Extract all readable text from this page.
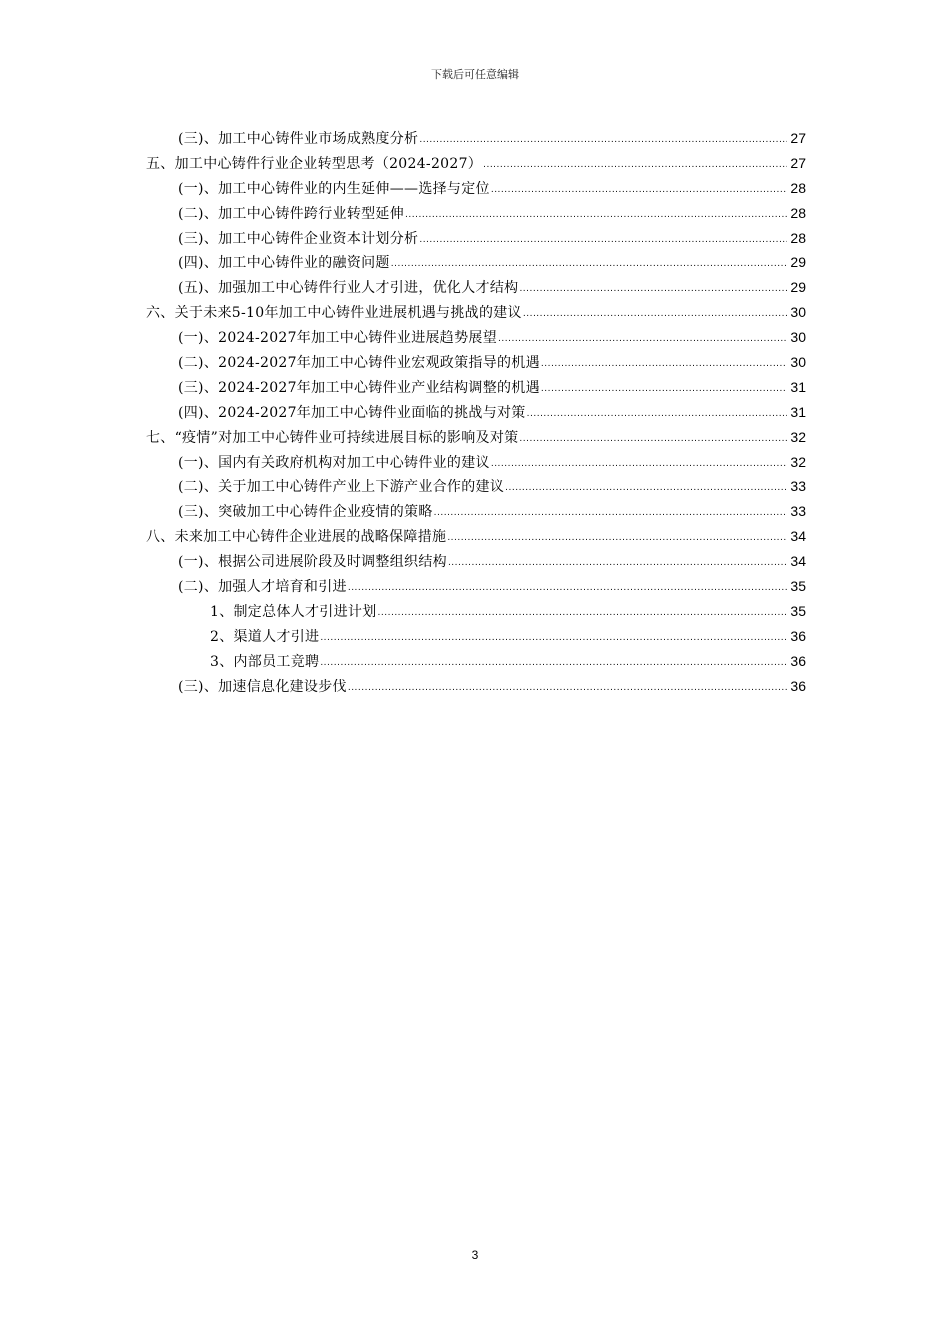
下载后可任意编辑
(三)、加工中心铸件业市场成熟度分析 .....	27
五、加工中心铸件行业企业转型思考（2024-2027） .....	27
(一)、加工中心铸件业的内生延伸——选择与定位 .....	28
(二)、加工中心铸件跨行业转型延伸 .....	28
(三)、加工中心铸件企业资本计划分析 .....	28
(四)、加工中心铸件业的融资问题 .....	29
(五)、加强加工中心铸件行业人才引进，优化人才结构 .....	29
六、关于未来5-10年加工中心铸件业进展机遇与挑战的建议 .....	30
(一)、2024-2027年加工中心铸件业进展趋势展望 .....	30
(二)、2024-2027年加工中心铸件业宏观政策指导的机遇 .....	30
(三)、2024-2027年加工中心铸件业产业结构调整的机遇 .....	31
(四)、2024-2027年加工中心铸件业面临的挑战与对策 .....	31
七、“疫情”对加工中心铸件业可持续进展目标的影响及对策 .....	32
(一)、国内有关政府机构对加工中心铸件业的建议 .....	32
(二)、关于加工中心铸件产业上下游产业合作的建议 .....	33
(三)、突破加工中心铸件企业疫情的策略 .....	33
八、未来加工中心铸件企业进展的战略保障措施 .....	34
(一)、根据公司进展阶段及时调整组织结构 .....	34
(二)、加强人才培育和引进 .....	35
1、制定总体人才引进计划 .....	35
2、渠道人才引进 .....	36
3、内部员工竞聘 .....	36
(三)、加速信息化建设步伐 .....	36
3
